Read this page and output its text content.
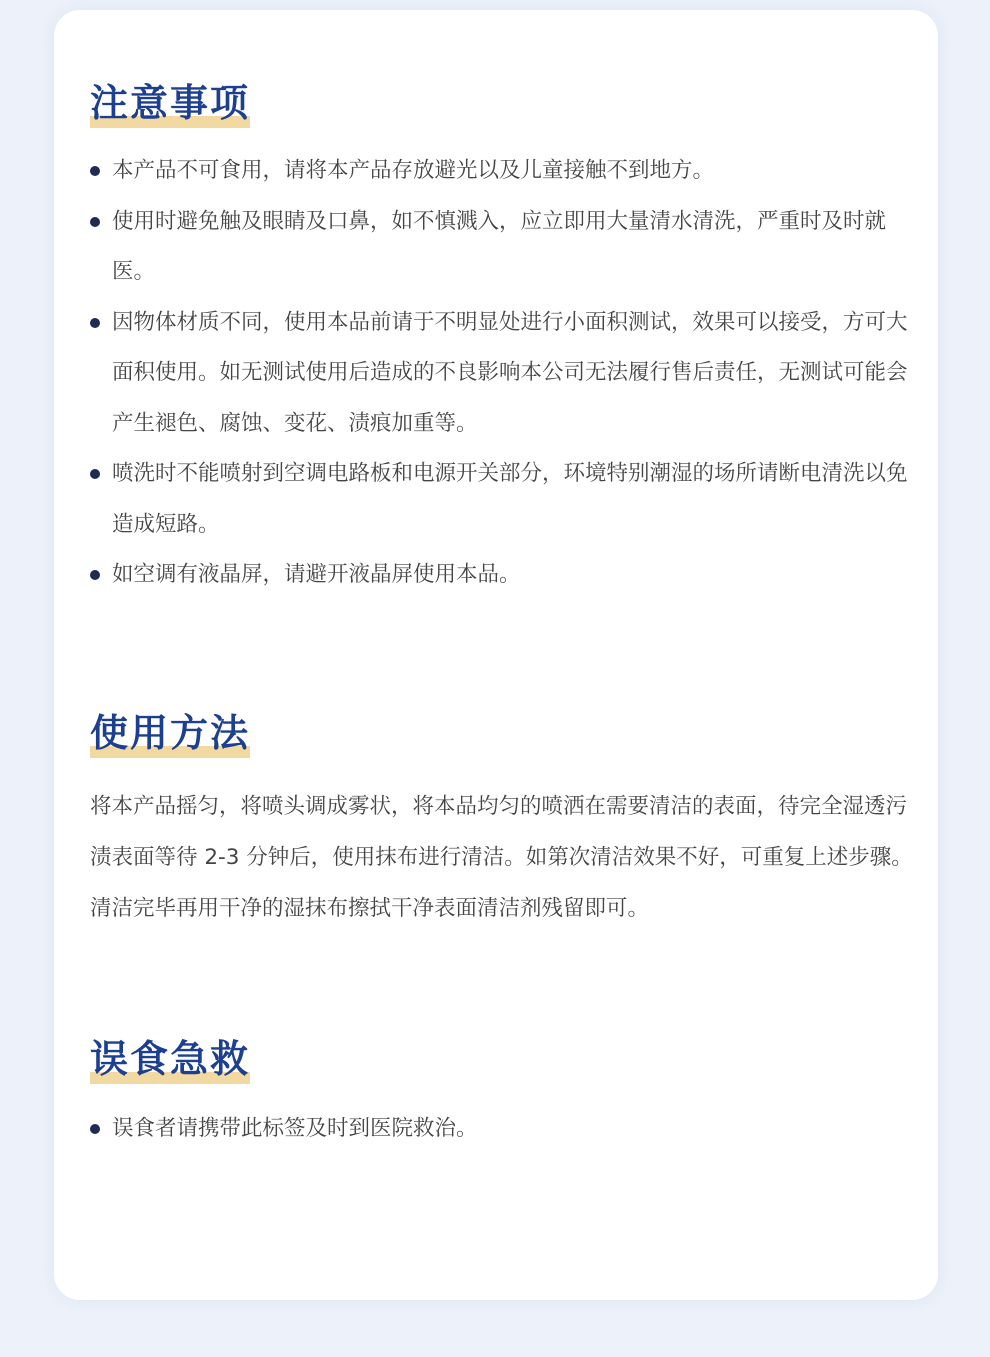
注意事项
本产品不可食用，请将本产品存放避光以及儿童接触不到地方。
使用时避免触及眼睛及口鼻，如不慎溅入，应立即用大量清水清洗，严重时及时就医。
因物体材质不同，使用本品前请于不明显处进行小面积测试，效果可以接受，方可大面积使用。如无测试使用后造成的不良影响本公司无法履行售后责任，无测试可能会产生褪色、腐蚀、变花、渍痕加重等。
喷洗时不能喷射到空调电路板和电源开关部分，环境特别潮湿的场所请断电清洗以免造成短路。
如空调有液晶屏，请避开液晶屏使用本品。
使用方法

将本产品摇匀，将喷头调成雾状，将本品均匀的喷洒在需要清洁的表面，待完全湿透污渍表面等待 2-3 分钟后，使用抹布进行清洁。如第次清洁效果不好，可重复上述步骤。清洁完毕再用干净的湿抹布擦拭干净表面清洁剂残留即可。

误食急救
误食者请携带此标签及时到医院救治。
